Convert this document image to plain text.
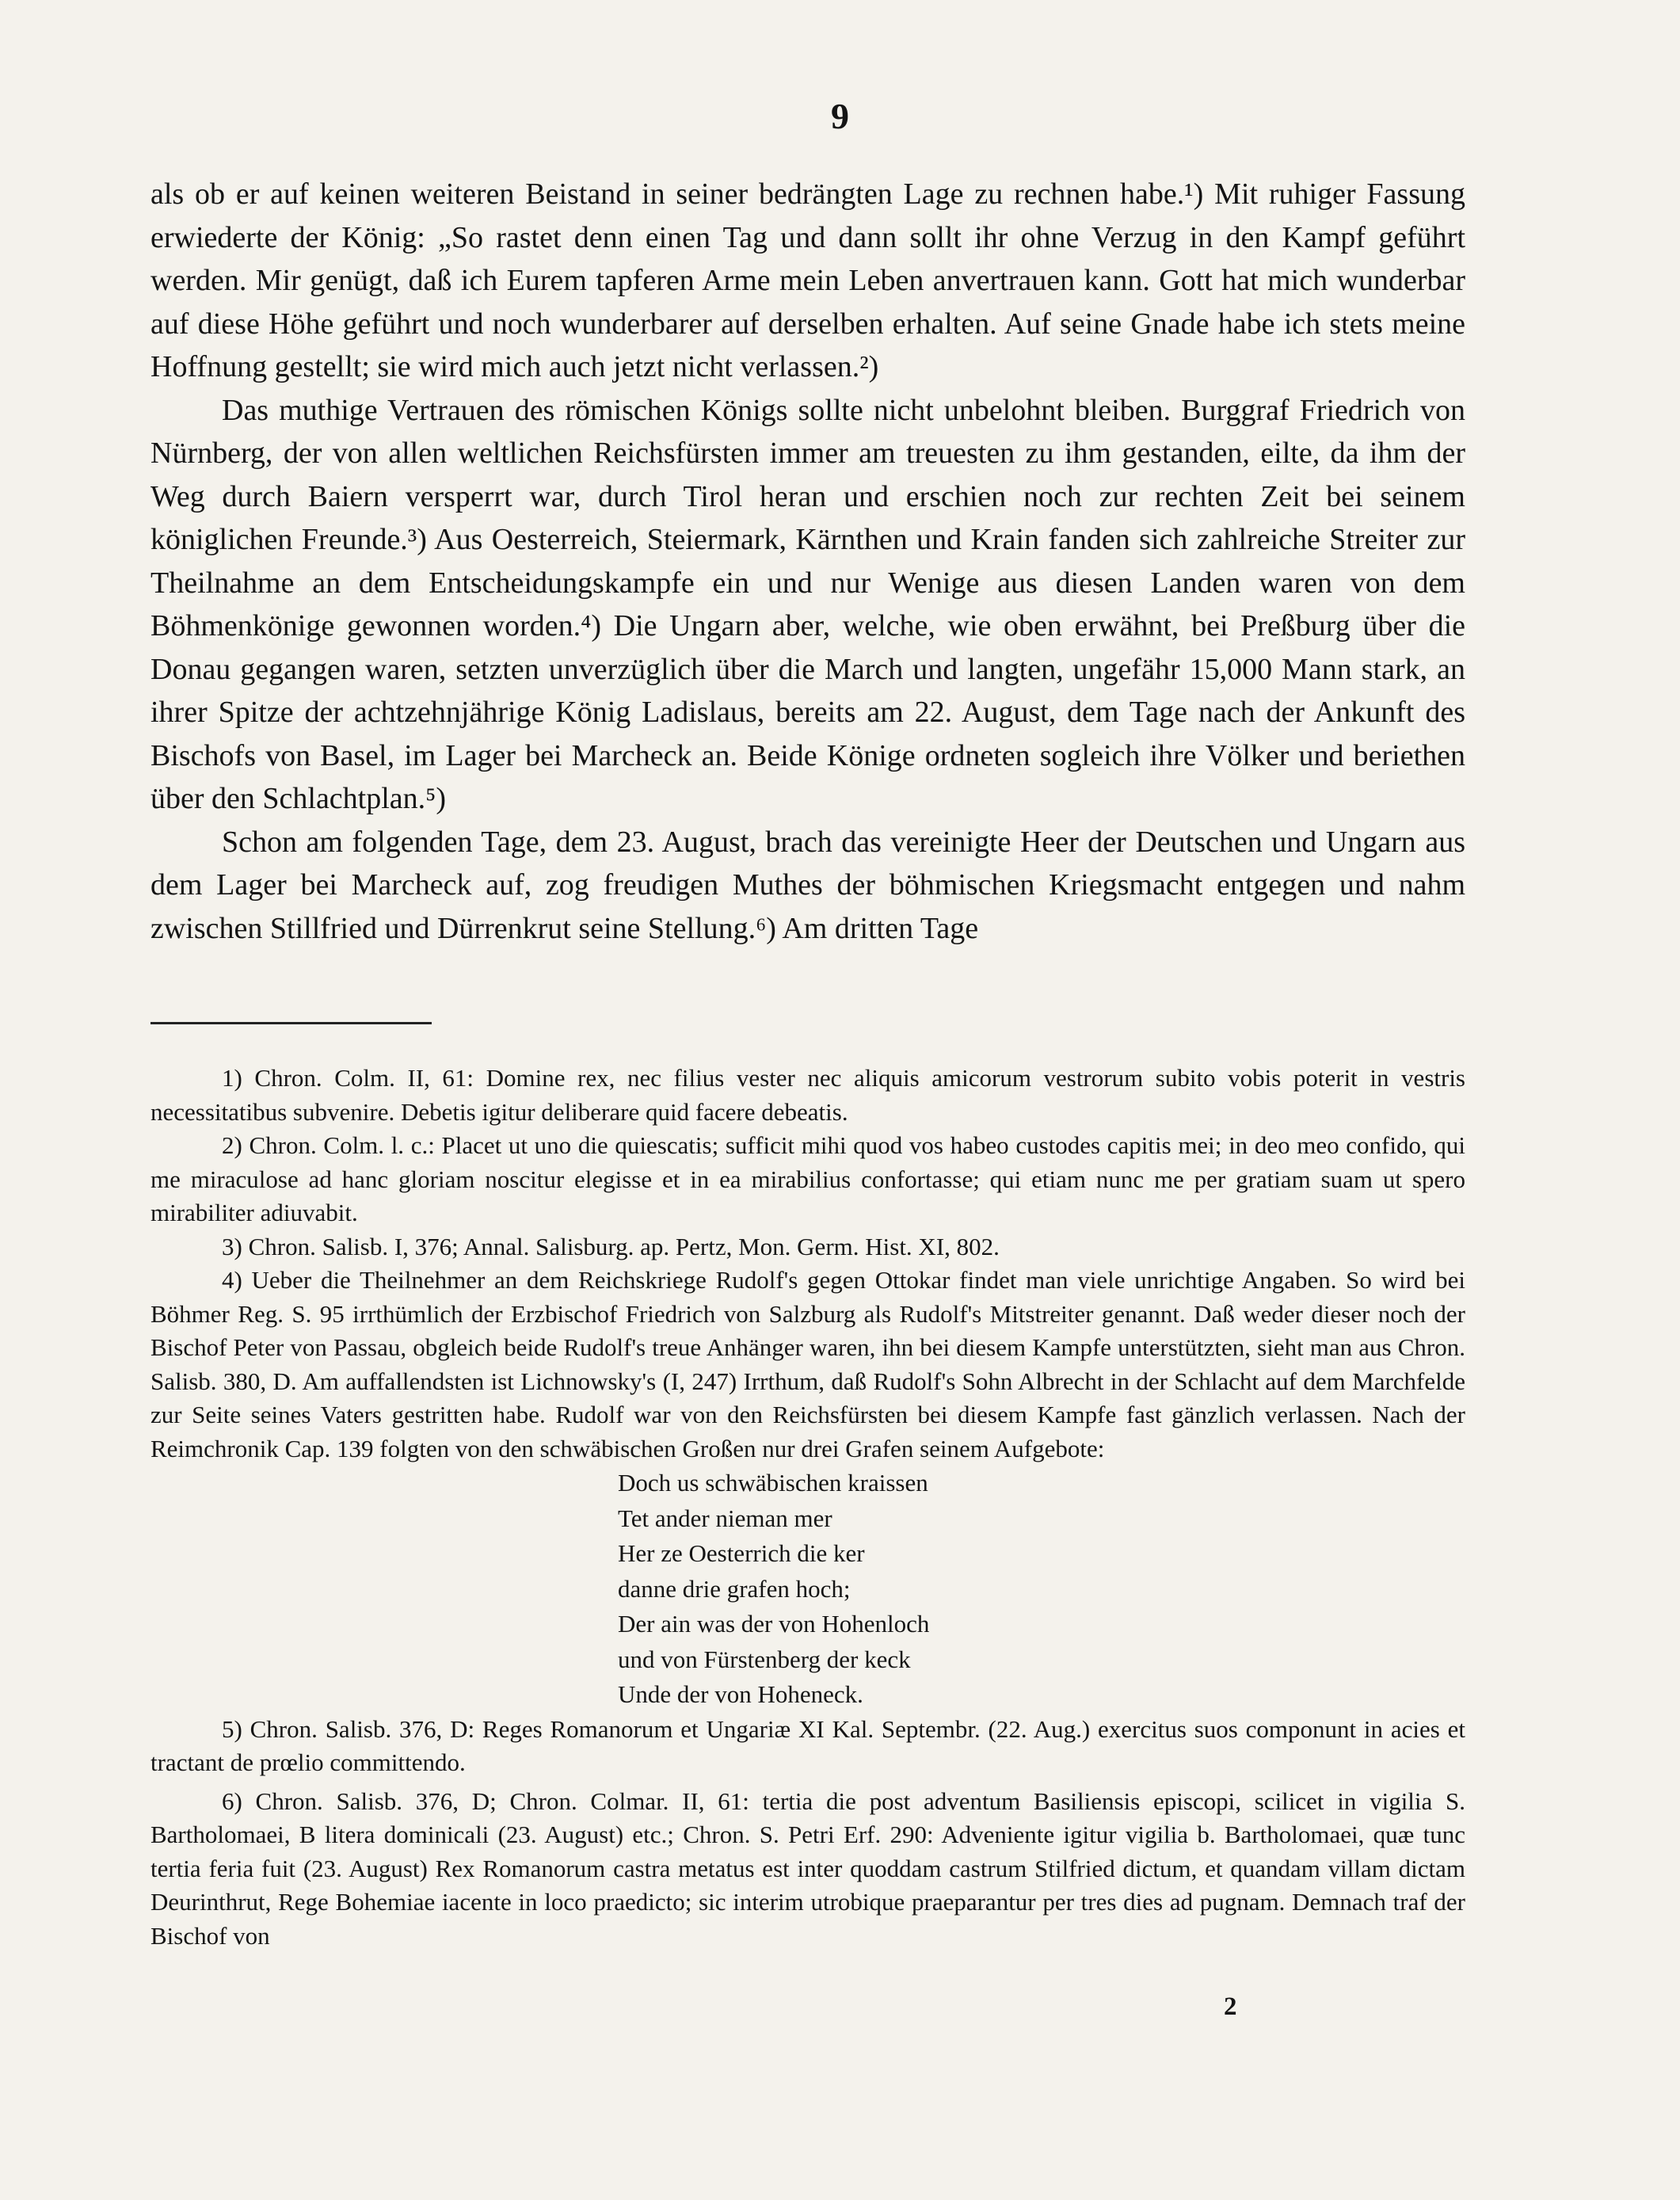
9

als ob er auf keinen weiteren Beistand in seiner bedrängten Lage zu rechnen habe.¹) Mit ruhiger Fassung erwiederte der König: „So rastet denn einen Tag und dann sollt ihr ohne Verzug in den Kampf geführt werden. Mir genügt, daß ich Eurem tapferen Arme mein Leben anvertrauen kann. Gott hat mich wunderbar auf diese Höhe geführt und noch wunderbarer auf derselben erhalten. Auf seine Gnade habe ich stets meine Hoffnung gestellt; sie wird mich auch jetzt nicht verlassen.²)

Das muthige Vertrauen des römischen Königs sollte nicht unbelohnt bleiben. Burggraf Friedrich von Nürnberg, der von allen weltlichen Reichsfürsten immer am treuesten zu ihm gestanden, eilte, da ihm der Weg durch Baiern versperrt war, durch Tirol heran und erschien noch zur rechten Zeit bei seinem königlichen Freunde.³) Aus Oesterreich, Steiermark, Kärnthen und Krain fanden sich zahlreiche Streiter zur Theilnahme an dem Entscheidungskampfe ein und nur Wenige aus diesen Landen waren von dem Böhmenkönige gewonnen worden.⁴) Die Ungarn aber, welche, wie oben erwähnt, bei Preßburg über die Donau gegangen waren, setzten unverzüglich über die March und langten, ungefähr 15,000 Mann stark, an ihrer Spitze der achtzehnjährige König Ladislaus, bereits am 22. August, dem Tage nach der Ankunft des Bischofs von Basel, im Lager bei Marcheck an. Beide Könige ordneten sogleich ihre Völker und beriethen über den Schlachtplan.⁵)

Schon am folgenden Tage, dem 23. August, brach das vereinigte Heer der Deutschen und Ungarn aus dem Lager bei Marcheck auf, zog freudigen Muthes der böhmischen Kriegsmacht entgegen und nahm zwischen Stillfried und Dürrenkrut seine Stellung.⁶) Am dritten Tage

1) Chron. Colm. II, 61: Domine rex, nec filius vester nec aliquis amicorum vestrorum subito vobis poterit in vestris necessitatibus subvenire. Debetis igitur deliberare quid facere debeatis.

2) Chron. Colm. l. c.: Placet ut uno die quiescatis; sufficit mihi quod vos habeo custodes capitis mei; in deo meo confido, qui me miraculose ad hanc gloriam noscitur elegisse et in ea mirabilius confortasse; qui etiam nunc me per gratiam suam ut spero mirabiliter adiuvabit.

3) Chron. Salisb. I, 376; Annal. Salisburg. ap. Pertz, Mon. Germ. Hist. XI, 802.

4) Ueber die Theilnehmer an dem Reichskriege Rudolf's gegen Ottokar findet man viele unrichtige Angaben. So wird bei Böhmer Reg. S. 95 irrthümlich der Erzbischof Friedrich von Salzburg als Rudolf's Mitstreiter genannt. Daß weder dieser noch der Bischof Peter von Passau, obgleich beide Rudolf's treue Anhänger waren, ihn bei diesem Kampfe unterstützten, sieht man aus Chron. Salisb. 380, D. Am auffallendsten ist Lichnowsky's (I, 247) Irrthum, daß Rudolf's Sohn Albrecht in der Schlacht auf dem Marchfelde zur Seite seines Vaters gestritten habe. Rudolf war von den Reichsfürsten bei diesem Kampfe fast gänzlich verlassen. Nach der Reimchronik Cap. 139 folgten von den schwäbischen Großen nur drei Grafen seinem Aufgebote:

Doch us schwäbischen kraissen
Tet ander nieman mer
Her ze Oesterrich die ker
danne drie grafen hoch;
Der ain was der von Hohenloch
und von Fürstenberg der keck
Unde der von Hoheneck.

5) Chron. Salisb. 376, D: Reges Romanorum et Ungariæ XI Kal. Septembr. (22. Aug.) exercitus suos componunt in acies et tractant de prœlio committendo.

6) Chron. Salisb. 376, D; Chron. Colmar. II, 61: tertia die post adventum Basiliensis episcopi, scilicet in vigilia S. Bartholomaei, B litera dominicali (23. August) etc.; Chron. S. Petri Erf. 290: Adveniente igitur vigilia b. Bartholomaei, quæ tunc tertia feria fuit (23. August) Rex Romanorum castra metatus est inter quoddam castrum Stilfried dictum, et quandam villam dictam Deurinthrut, Rege Bohemiae iacente in loco praedicto; sic interim utrobique praeparantur per tres dies ad pugnam. Demnach traf der Bischof von

2
